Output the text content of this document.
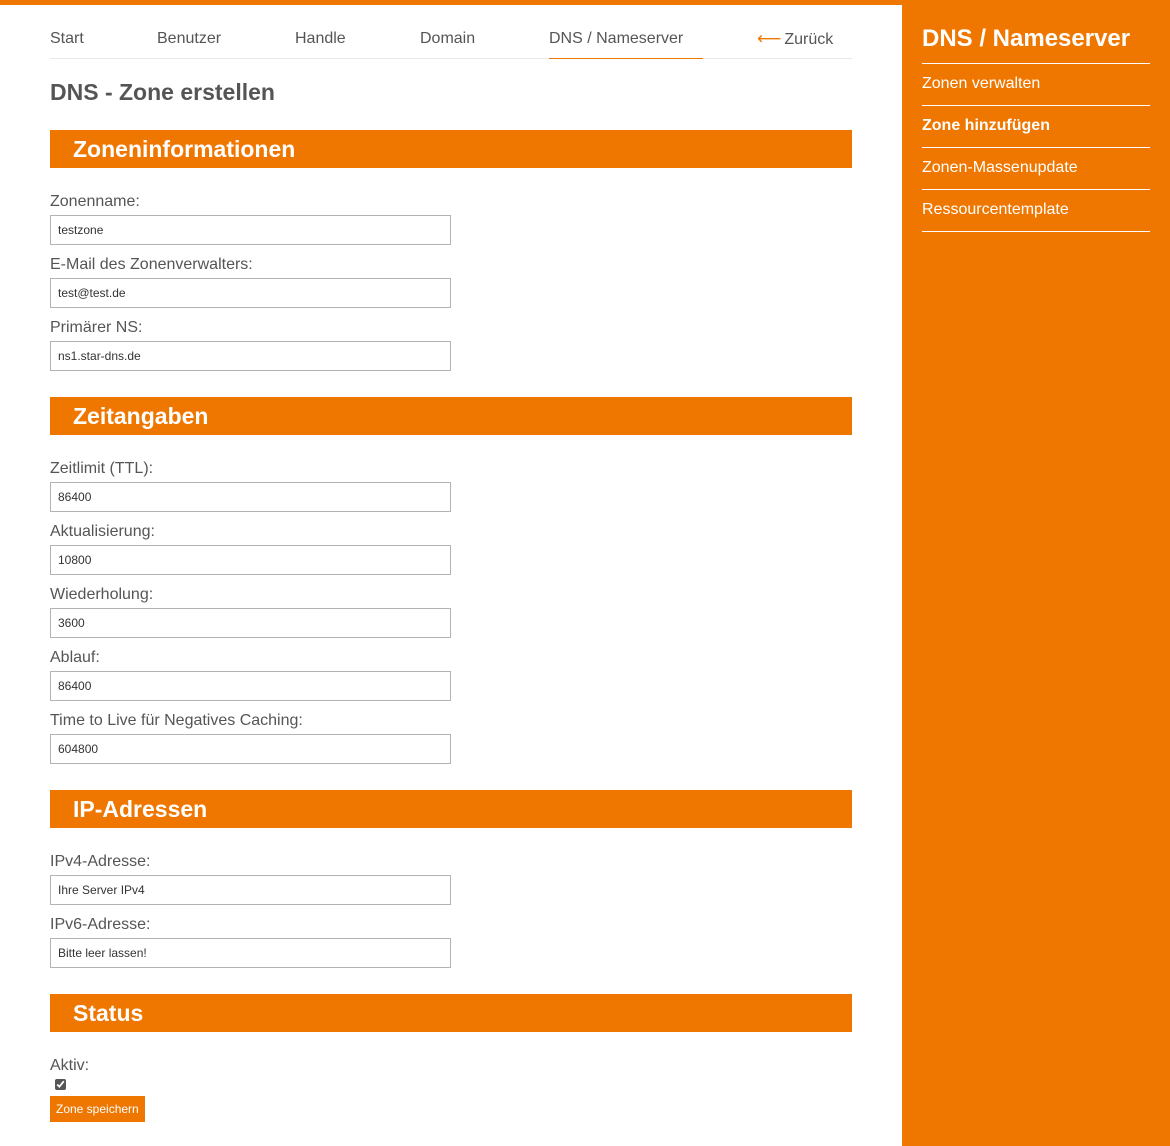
Start	Benutzer	Handle	Domain	DNS / Nameserver	⟵ Zurück
DNS - Zone erstellen
Zoneninformationen
Zonenname:
testzone
E-Mail des Zonenverwalters:
test@test.de
Primärer NS:
ns1.star-dns.de
Zeitangaben
Zeitlimit (TTL):
86400
Aktualisierung:
10800
Wiederholung:
3600
Ablauf:
86400
Time to Live für Negatives Caching:
604800
IP-Adressen
IPv4-Adresse:
Ihre Server IPv4
IPv6-Adresse:
Bitte leer lassen!
Status
Aktiv:
Zone speichern
DNS / Nameserver
Zonen verwalten
Zone hinzufügen
Zonen-Massenupdate
Ressourcentemplate
